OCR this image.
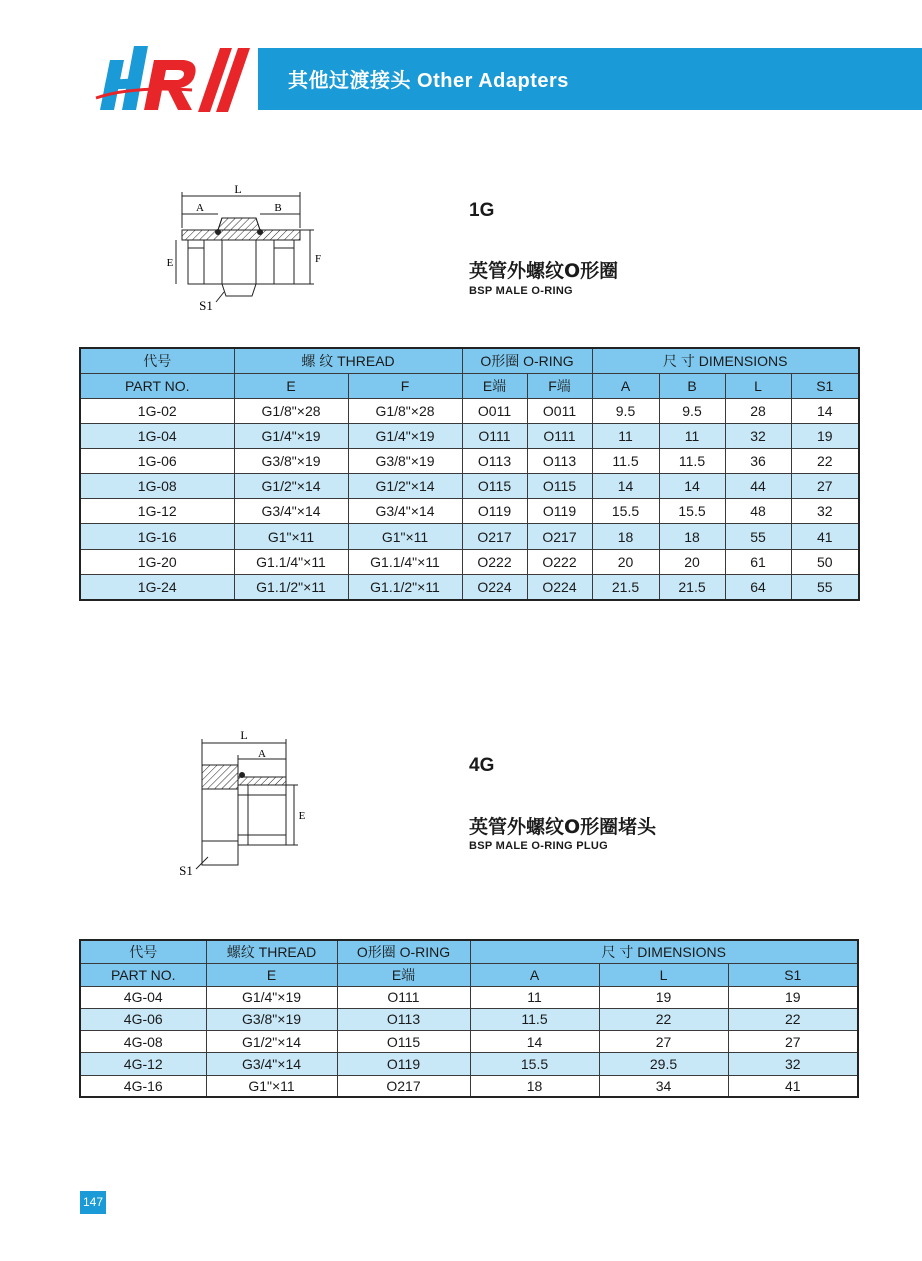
其他过渡接头 Other Adapters
1G
英管外螺纹O形圈
BSP MALE O-RING
L
A	B
E	F
S1
代号	螺 纹 THREAD		O形圈 O-RING		尺 寸 DIMENSIONS			
PART NO.	E	F	E端	F端	A	B	L	S1
1G-02	G1/8"×28	G1/8"×28	O011	O011	9.5	9.5	28	14
1G-04	G1/4"×19	G1/4"×19	O111	O111	11	11	32	19
1G-06	G3/8"×19	G3/8"×19	O113	O113	11.5	11.5	36	22
1G-08	G1/2"×14	G1/2"×14	O115	O115	14	14	44	27
1G-12	G3/4"×14	G3/4"×14	O119	O119	15.5	15.5	48	32
1G-16	G1"×11	G1"×11	O217	O217	18	18	55	41
1G-20	G1.1/4"×11	G1.1/4"×11	O222	O222	20	20	61	50
1G-24	G1.1/2"×11	G1.1/2"×11	O224	O224	21.5	21.5	64	55
4G
英管外螺纹O形圈堵头
BSP MALE O-RING PLUG
L
A
E
S1
代号	螺纹 THREAD	O形圈 O-RING	尺 寸 DIMENSIONS		
PART NO.	E	E端	A	L	S1
4G-04	G1/4"×19	O111	11	19	19
4G-06	G3/8"×19	O113	11.5	22	22
4G-08	G1/2"×14	O115	14	27	27
4G-12	G3/4"×14	O119	15.5	29.5	32
4G-16	G1"×11	O217	18	34	41
147
